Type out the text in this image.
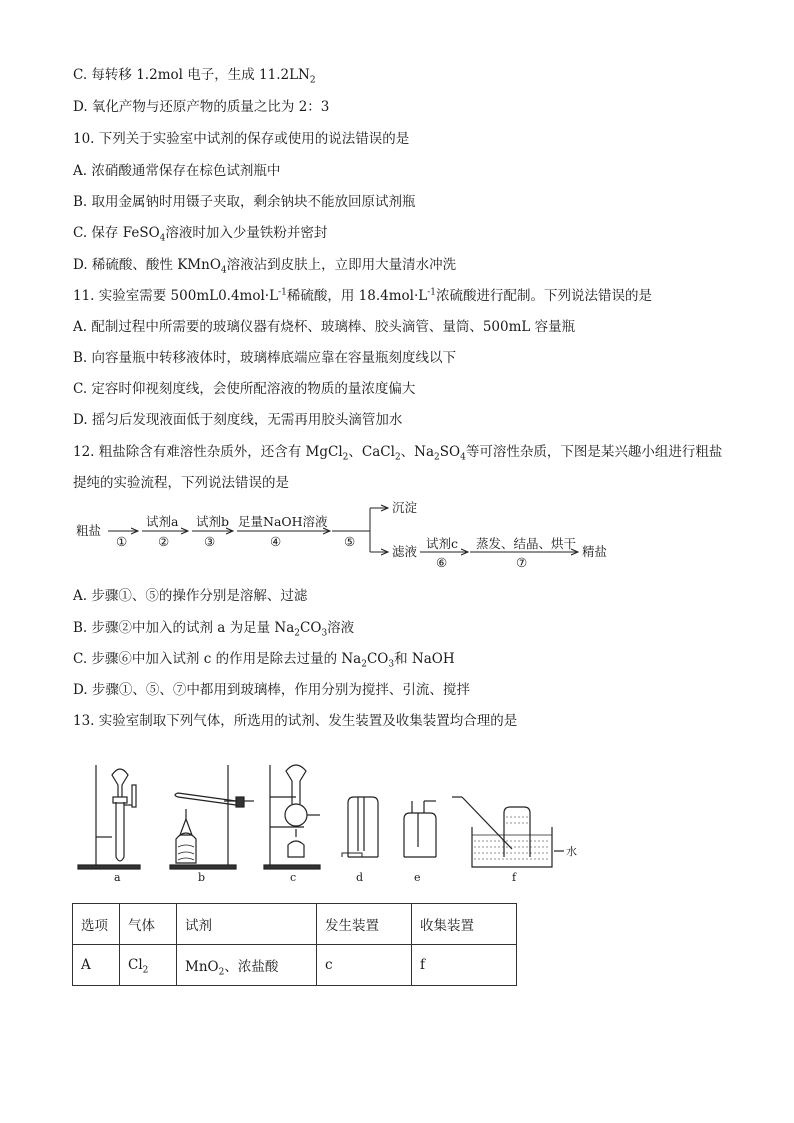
C. 每转移 1.2mol 电子，生成 $11.2LN_2$
D. 氧化产物与还原产物的质量之比为 2：3
10. 下列关于实验室中试剂的保存或使用的说法错误的是
A. 浓硝酸通常保存在棕色试剂瓶中
B. 取用金属钠时用镊子夹取，剩余钠块不能放回原试剂瓶
C. 保存 FeSO$_4$溶液时加入少量铁粉并密封
D. 稀硫酸、酸性 KMnO$_4$溶液沾到皮肤上，立即用大量清水冲洗
11. 实验室需要 $500mL0.4mol\cdot L^{-1}$稀硫酸，用 $18.4mol\cdot L^{-1}$浓硫酸进行配制。下列说法错误的是
A. 配制过程中所需要的玻璃仪器有烧杯、玻璃棒、胶头滴管、量筒、500mL 容量瓶
B. 向容量瓶中转移液体时，玻璃棒底端应靠在容量瓶刻度线以下
C. 定容时仰视刻度线，会使所配溶液的物质的量浓度偏大
D. 摇匀后发现液面低于刻度线，无需再用胶头滴管加水
12. 粗盐除含有难溶性杂质外，还含有 MgCl$_2$、CaCl$_2$、$Na_2SO_4$等可溶性杂质，下图是某兴趣小组进行粗盐
提纯的实验流程，下列说法错误的是
粗盐
试剂a 试剂b 足量NaOH溶液
① ②	③	④	⑤
沉淀
滤液
试剂c
⑥
蒸发、结晶、烘干
⑦
精盐
A. 步骤①、⑤的操作分别是溶解、过滤
B. 步骤②中加入的试剂 a 为足量 $Na_2CO_3$溶液
C. 步骤⑥中加入试剂 c 的作用是除去过量的 $Na_2CO_3$和 NaOH
D. 步骤①、⑤、⑦中都用到玻璃棒，作用分别为搅拌、引流、搅拌
13. 实验室制取下列气体，所选用的试剂、发生装置及收集装置均合理的是
a	b	c	d	e	f
水
选项	气体	试剂	发生装置	收集装置
A	$Cl_2$	MnO$_2$、浓盐酸	c	f
